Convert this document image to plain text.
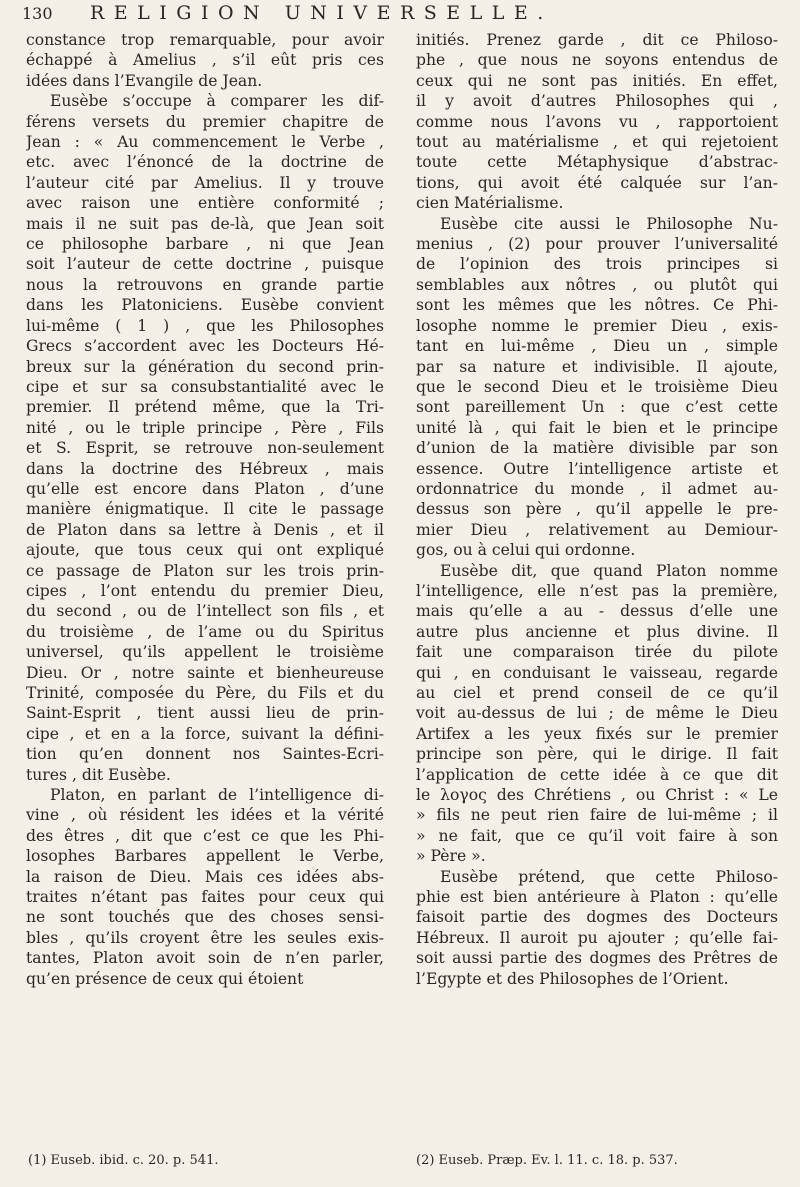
130 RELIGION UNIVERSELLE.
constance trop remarquable, pour avoir
échappé à Amelius , s’il eût pris ces
idées dans l’Evangile de Jean.
Eusèbe s’occupe à comparer les dif-
férens versets du premier chapitre de
Jean : « Au commencement le Verbe ,
etc. avec l’énoncé de la doctrine de
l’auteur cité par Amelius. Il y trouve
avec raison une entière conformité ;
mais il ne suit pas de-là, que Jean soit
ce philosophe barbare , ni que Jean
soit l’auteur de cette doctrine , puisque
nous la retrouvons en grande partie
dans les Platoniciens. Eusèbe convient
lui-même ( 1 ) , que les Philosophes
Grecs s’accordent avec les Docteurs Hé-
breux sur la génération du second prin-
cipe et sur sa consubstantialité avec le
premier. Il prétend même, que la Tri-
nité , ou le triple principe , Père , Fils
et S. Esprit, se retrouve non-seulement
dans la doctrine des Hébreux , mais
qu’elle est encore dans Platon , d’une
manière énigmatique. Il cite le passage
de Platon dans sa lettre à Denis , et il
ajoute, que tous ceux qui ont expliqué
ce passage de Platon sur les trois prin-
cipes , l’ont entendu du premier Dieu,
du second , ou de l’intellect son fils , et
du troisième , de l’ame ou du Spiritus
universel, qu’ils appellent le troisième
Dieu. Or , notre sainte et bienheureuse
Trinité, composée du Père, du Fils et du
Saint-Esprit , tient aussi lieu de prin-
cipe , et en a la force, suivant la défini-
tion qu’en donnent nos Saintes-Ecri-
tures , dit Eusèbe.
Platon, en parlant de l’intelligence di-
vine , où résident les idées et la vérité
des êtres , dit que c’est ce que les Phi-
losophes Barbares appellent le Verbe,
la raison de Dieu. Mais ces idées abs-
traites n’étant pas faites pour ceux qui
ne sont touchés que des choses sensi-
bles , qu’ils croyent être les seules exis-
tantes, Platon avoit soin de n’en parler,
qu’en présence de ceux qui étoient
initiés. Prenez garde , dit ce Philoso-
phe , que nous ne soyons entendus de
ceux qui ne sont pas initiés. En effet,
il y avoit d’autres Philosophes qui ,
comme nous l’avons vu , rapportoient
tout au matérialisme , et qui rejetoient
toute cette Métaphysique d’abstrac-
tions, qui avoit été calquée sur l’an-
cien Matérialisme.
Eusèbe cite aussi le Philosophe Nu-
menius , (2) pour prouver l’universalité
de l’opinion des trois principes si
semblables aux nôtres , ou plutôt qui
sont les mêmes que les nôtres. Ce Phi-
losophe nomme le premier Dieu , exis-
tant en lui-même , Dieu un , simple
par sa nature et indivisible. Il ajoute,
que le second Dieu et le troisième Dieu
sont pareillement Un : que c’est cette
unité là , qui fait le bien et le principe
d’union de la matière divisible par son
essence. Outre l’intelligence artiste et
ordonnatrice du monde , il admet au-
dessus son père , qu’il appelle le pre-
mier Dieu , relativement au Demiour-
gos, ou à celui qui ordonne.
Eusèbe dit, que quand Platon nomme
l’intelligence, elle n’est pas la première,
mais qu’elle a au - dessus d’elle une
autre plus ancienne et plus divine. Il
fait une comparaison tirée du pilote
qui , en conduisant le vaisseau, regarde
au ciel et prend conseil de ce qu’il
voit au-dessus de lui ; de même le Dieu
Artifex a les yeux fixés sur le premier
principe son père, qui le dirige. Il fait
l’application de cette idée à ce que dit
le λογος des Chrétiens , ou Christ : « Le
» fils ne peut rien faire de lui-même ; il
» ne fait, que ce qu’il voit faire à son
» Père ».
Eusèbe prétend, que cette Philoso-
phie est bien antérieure à Platon : qu’elle
faisoit partie des dogmes des Docteurs
Hébreux. Il auroit pu ajouter ; qu’elle fai-
soit aussi partie des dogmes des Prêtres de
l’Egypte et des Philosophes de l’Orient.
(1) Euseb. ibid. c. 20. p. 541.	(2) Euseb. Præp. Ev. l. 11. c. 18. p. 537.
